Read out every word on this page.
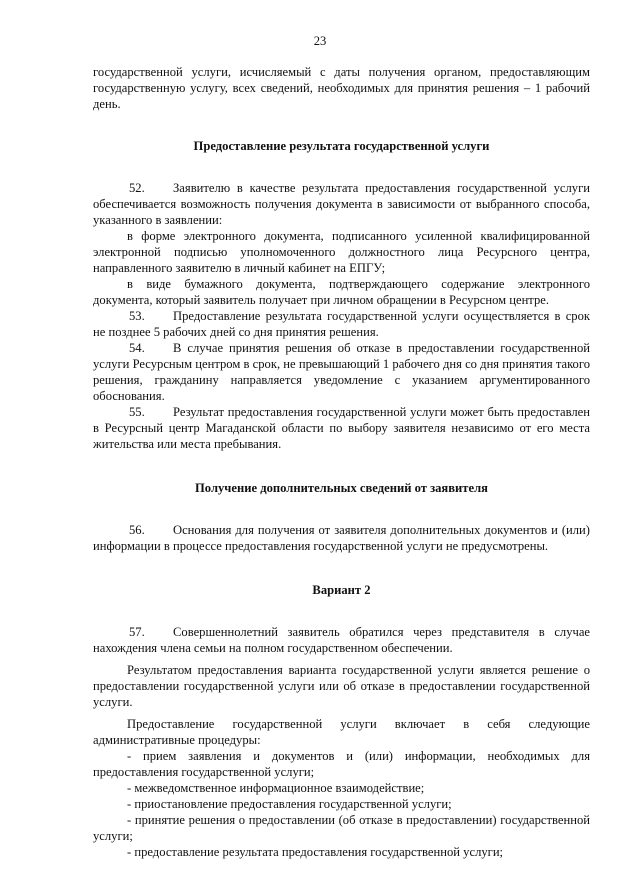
23

государственной услуги, исчисляемый с даты получения органом, предоставляющим государственную услугу, всех сведений, необходимых для принятия решения – 1 рабочий день.

Предоставление результата государственной услуги

52. Заявителю в качестве результата предоставления государственной услуги обеспечивается возможность получения документа в зависимости от выбранного способа, указанного в заявлении:

в форме электронного документа, подписанного усиленной квалифицированной электронной подписью уполномоченного должностного лица Ресурсного центра, направленного заявителю в личный кабинет на ЕПГУ;

в виде бумажного документа, подтверждающего содержание электронного документа, который заявитель получает при личном обращении в Ресурсном центре.

53. Предоставление результата государственной услуги осуществляется в срок не позднее 5 рабочих дней со дня принятия решения.

54. В случае принятия решения об отказе в предоставлении государственной услуги Ресурсным центром в срок, не превышающий 1 рабочего дня со дня принятия такого решения, гражданину направляется уведомление с указанием аргументированного обоснования.

55. Результат предоставления государственной услуги может быть предоставлен в Ресурсный центр Магаданской области по выбору заявителя независимо от его места жительства или места пребывания.

Получение дополнительных сведений от заявителя

56. Основания для получения от заявителя дополнительных документов и (или) информации в процессе предоставления государственной услуги не предусмотрены.

Вариант 2

57. Совершеннолетний заявитель обратился через представителя в случае нахождения члена семьи на полном государственном обеспечении.

Результатом предоставления варианта государственной услуги является решение о предоставлении государственной услуги или об отказе в предоставлении государственной услуги.

Предоставление государственной услуги включает в себя следующие административные процедуры:

- прием заявления и документов и (или) информации, необходимых для предоставления государственной услуги;

- межведомственное информационное взаимодействие;

- приостановление предоставления государственной услуги;

- принятие решения о предоставлении (об отказе в предоставлении) государственной услуги;

- предоставление результата предоставления государственной услуги;
